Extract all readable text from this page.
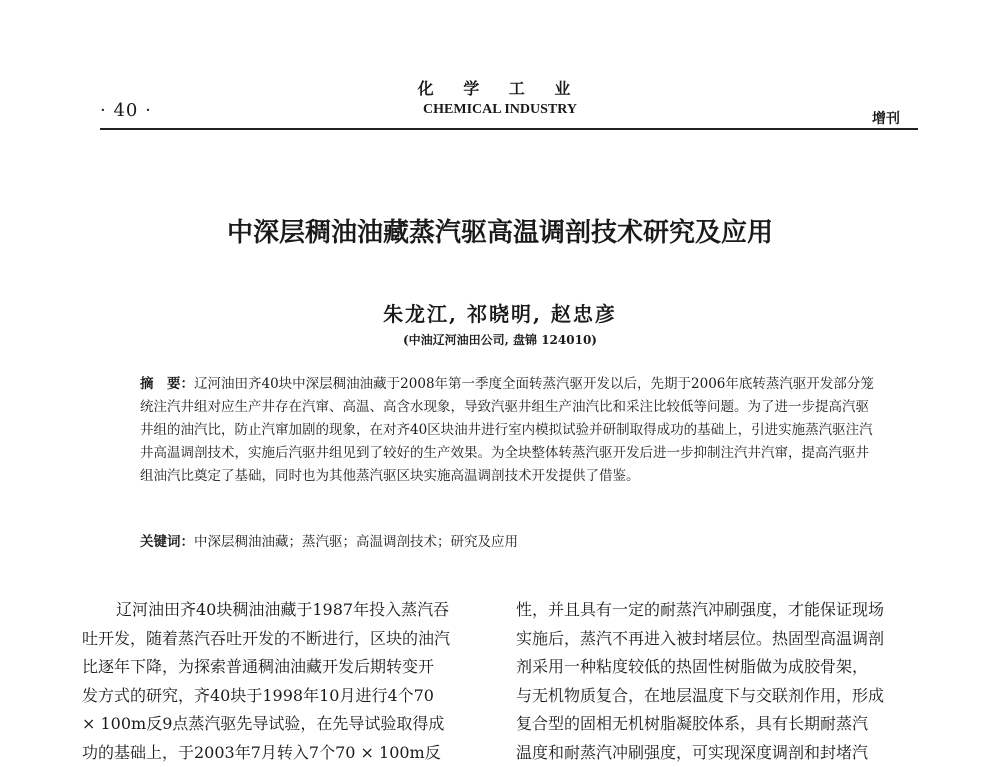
· 40 ·
化 学 工 业
CHEMICAL INDUSTRY
增刊
中深层稠油油藏蒸汽驱高温调剖技术研究及应用
朱龙江, 祁晓明, 赵忠彦
(中油辽河油田公司, 盘锦 124010)
摘　要：辽河油田齐40块中深层稠油油藏于2008年第一季度全面转蒸汽驱开发以后，先期于2006年底转蒸汽驱开发部分笼统注汽井组对应生产井存在汽窜、高温、高含水现象，导致汽驱井组生产油汽比和采注比较低等问题。为了进一步提高汽驱井组的油汽比，防止汽窜加剧的现象，在对齐40区块油井进行室内模拟试验并研制取得成功的基础上，引进实施蒸汽驱注汽井高温调剖技术，实施后汽驱井组见到了较好的生产效果。为全块整体转蒸汽驱开发后进一步抑制注汽井汽窜，提高汽驱井组油汽比奠定了基础，同时也为其他蒸汽驱区块实施高温调剖技术开发提供了借鉴。
关键词：中深层稠油油藏；蒸汽驱；高温调剖技术；研究及应用
辽河油田齐40块稠油油藏于1987年投入蒸汽吞
吐开发，随着蒸汽吞吐开发的不断进行，区块的油汽
比逐年下降，为探索普通稠油油藏开发后期转变开
发方式的研究，齐40块于1998年10月进行4个70
× 100m反9点蒸汽驱先导试验，在先导试验取得成
功的基础上，于2003年7月转入7个70 × 100m反
性，并且具有一定的耐蒸汽冲刷强度，才能保证现场
实施后，蒸汽不再进入被封堵层位。热固型高温调剖
剂采用一种粘度较低的热固性树脂做为成胶骨架，
与无机物质复合，在地层温度下与交联剂作用，形成
复合型的固相无机树脂凝胶体系，具有长期耐蒸汽
温度和耐蒸汽冲刷强度，可实现深度调剖和封堵汽
